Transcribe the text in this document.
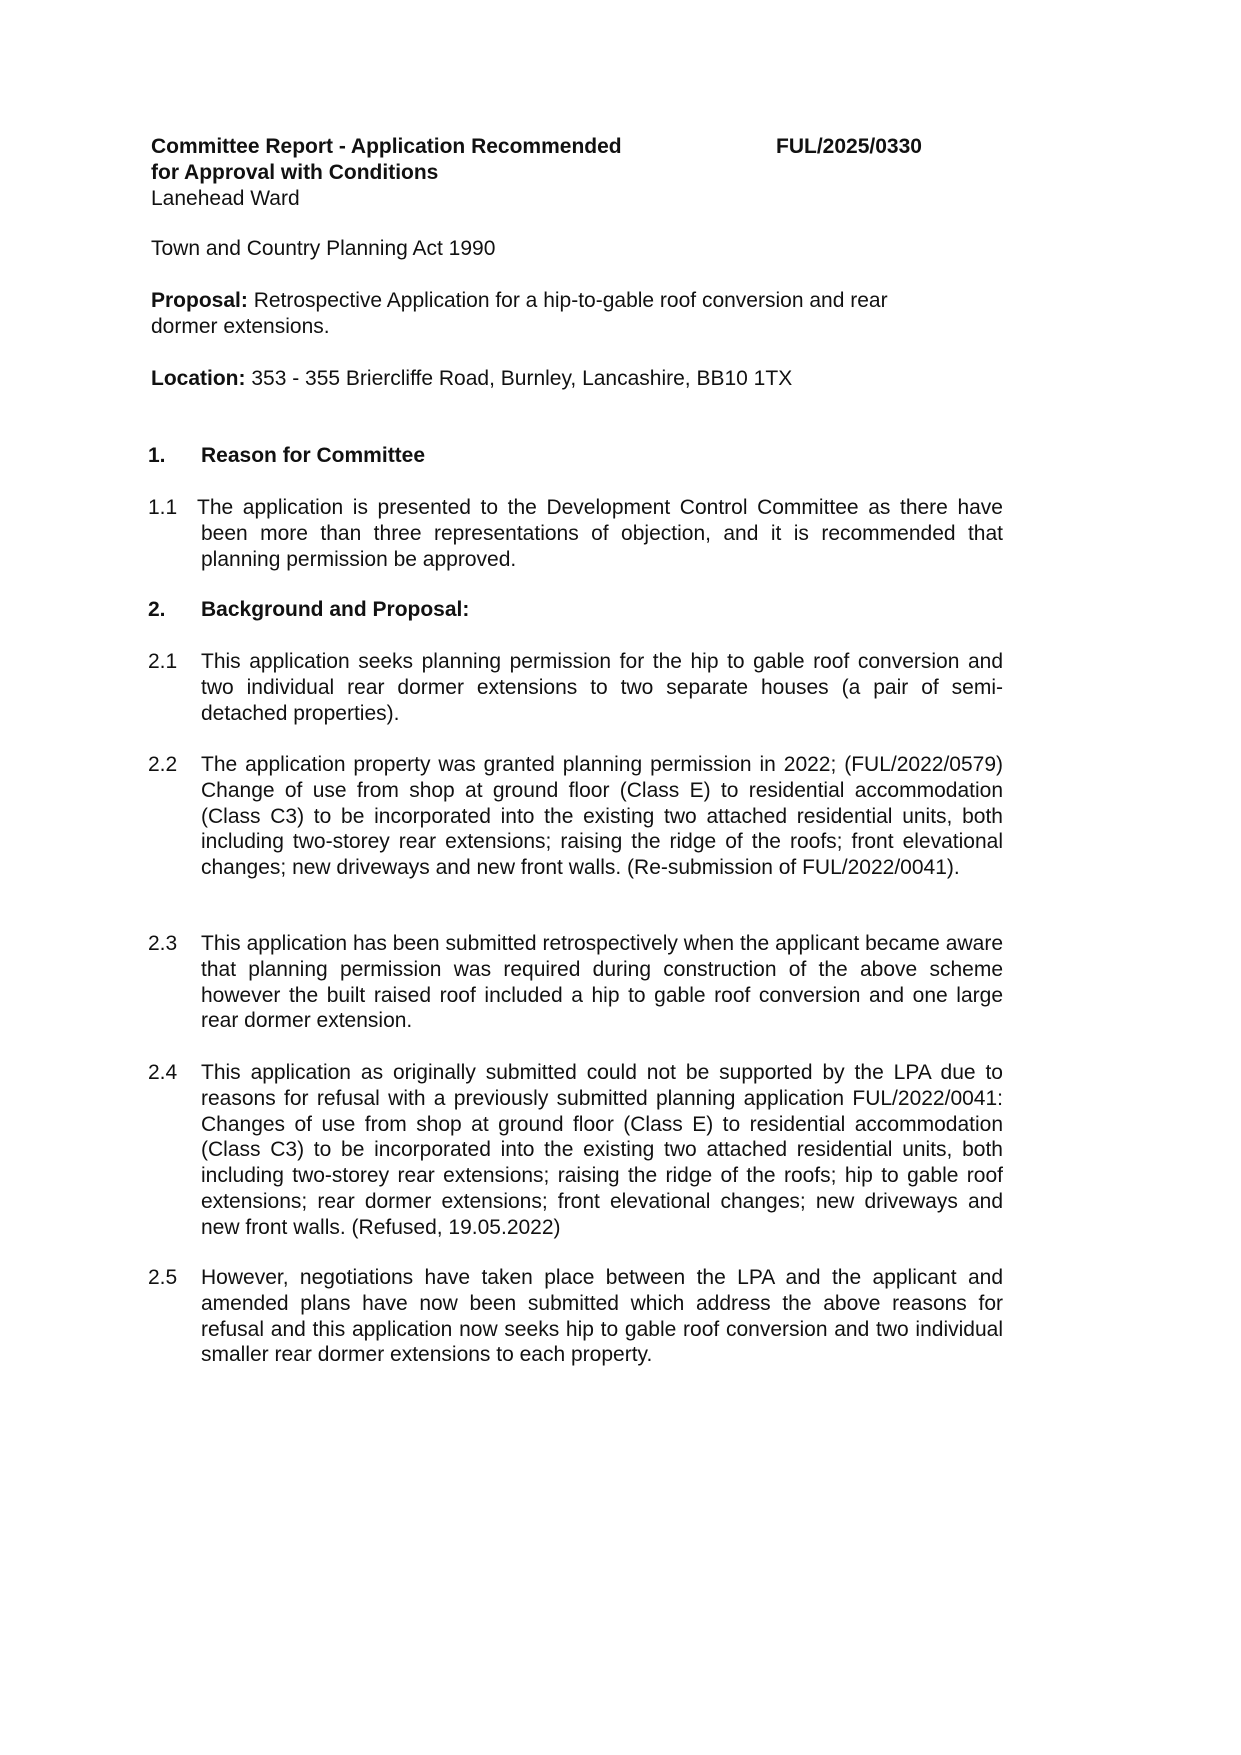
Committee Report - Application Recommended
for Approval with Conditions
Lanehead Ward
FUL/2025/0330
Town and Country Planning Act 1990
Proposal: Retrospective Application for a hip-to-gable roof conversion and rear dormer extensions.
Location: 353 - 355 Briercliffe Road, Burnley, Lancashire, BB10 1TX
1. Reason for Committee
1.1 The application is presented to the Development Control Committee as there have been more than three representations of objection, and it is recommended that planning permission be approved.
2. Background and Proposal:
2.1 This application seeks planning permission for the hip to gable roof conversion and two individual rear dormer extensions to two separate houses (a pair of semi-detached properties).
2.2 The application property was granted planning permission in 2022; (FUL/2022/0579) Change of use from shop at ground floor (Class E) to residential accommodation (Class C3) to be incorporated into the existing two attached residential units, both including two-storey rear extensions; raising the ridge of the roofs; front elevational changes; new driveways and new front walls. (Re-submission of FUL/2022/0041).
2.3 This application has been submitted retrospectively when the applicant became aware that planning permission was required during construction of the above scheme however the built raised roof included a hip to gable roof conversion and one large rear dormer extension.
2.4 This application as originally submitted could not be supported by the LPA due to reasons for refusal with a previously submitted planning application FUL/2022/0041: Changes of use from shop at ground floor (Class E) to residential accommodation (Class C3) to be incorporated into the existing two attached residential units, both including two-storey rear extensions; raising the ridge of the roofs; hip to gable roof extensions; rear dormer extensions; front elevational changes; new driveways and new front walls. (Refused, 19.05.2022)
2.5 However, negotiations have taken place between the LPA and the applicant and amended plans have now been submitted which address the above reasons for refusal and this application now seeks hip to gable roof conversion and two individual smaller rear dormer extensions to each property.
